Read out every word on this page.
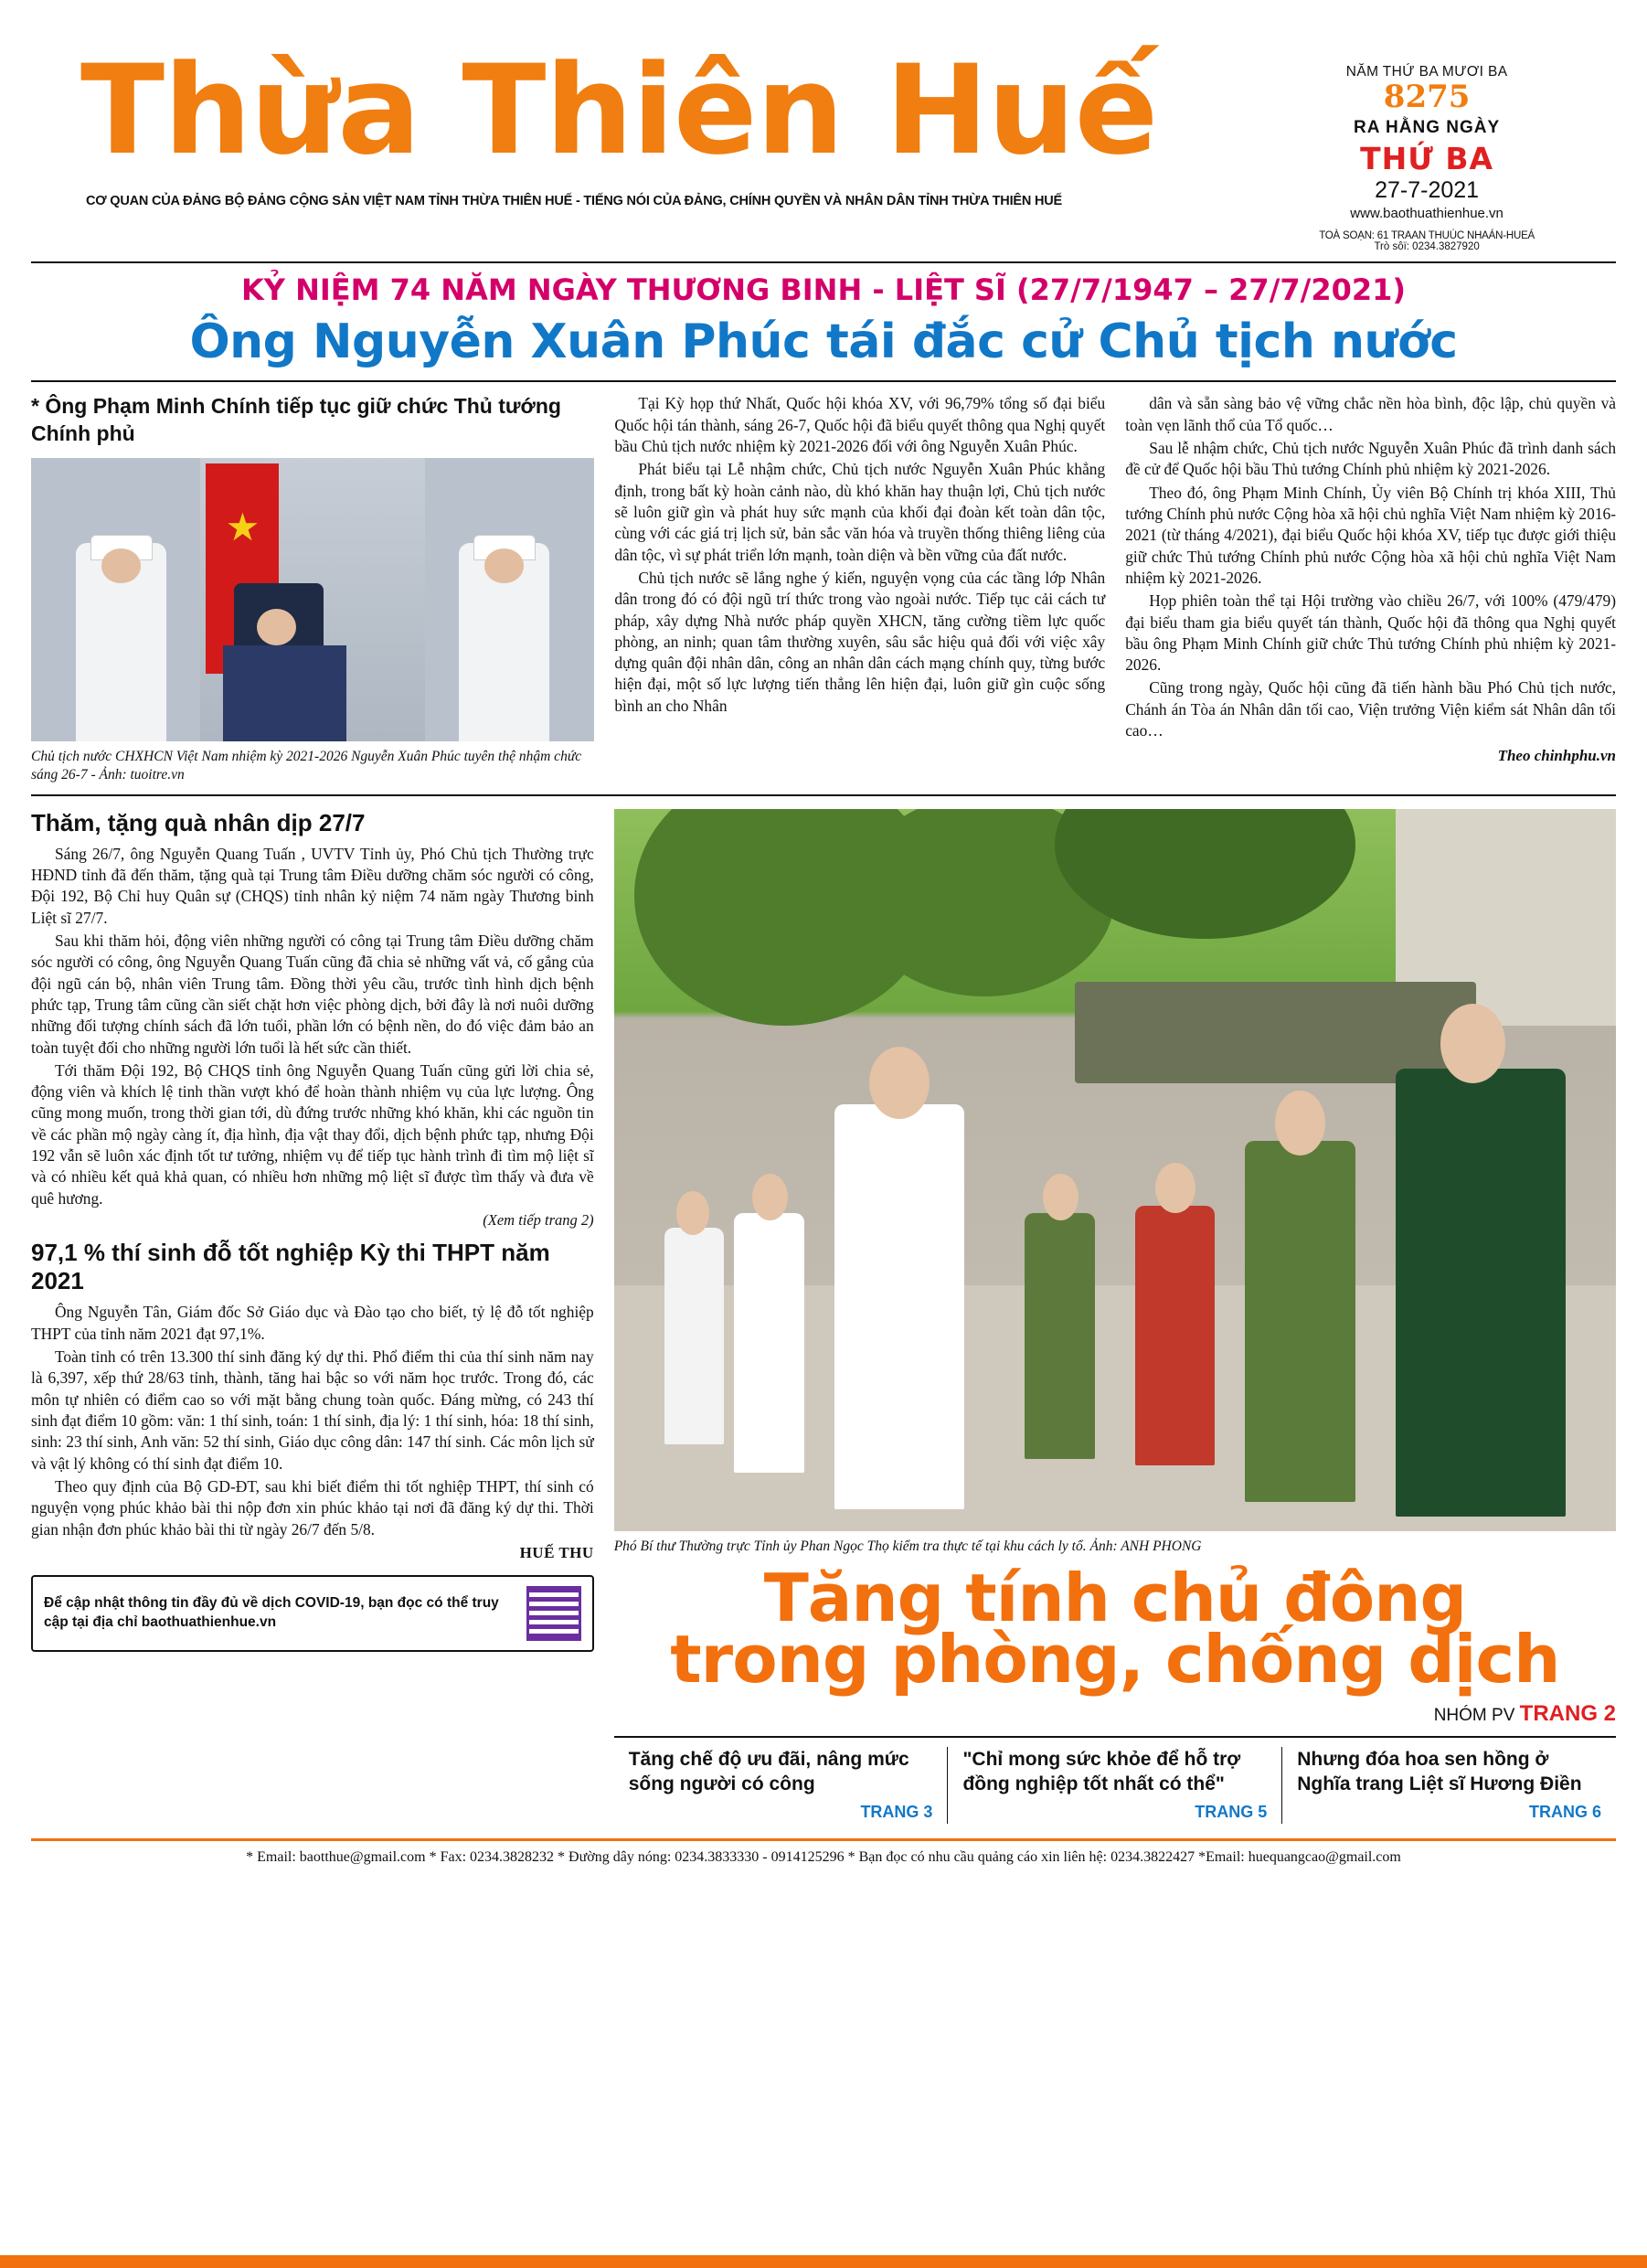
Thừa Thiên Huế
CƠ QUAN CỦA ĐẢNG BỘ ĐẢNG CỘNG SẢN VIỆT NAM TỈNH THỪA THIÊN HUẾ - TIẾNG NÓI CỦA ĐẢNG, CHÍNH QUYỀN VÀ NHÂN DÂN TỈNH THỪA THIÊN HUẾ
NĂM THỨ BA MƯƠI BA
8275
RA HẰNG NGÀY
THỨ BA
27-7-2021
www.baothuathienhue.vn
TOÀ SOẠN: 61 TRAAN THUÚC NHAÁN-HUEÁ
Trò sôï: 0234.3827920
KỶ NIỆM 74 NĂM NGÀY THƯƠNG BINH - LIỆT SĨ (27/7/1947 – 27/7/2021)
Ông Nguyễn Xuân Phúc tái đắc cử Chủ tịch nước
* Ông Phạm Minh Chính tiếp tục giữ chức Thủ tướng Chính phủ
★
Chủ tịch nước CHXHCN Việt Nam nhiệm kỳ 2021-2026 Nguyễn Xuân Phúc tuyên thệ nhậm chức sáng 26-7 - Ảnh: tuoitre.vn

Tại Kỳ họp thứ Nhất, Quốc hội khóa XV, với 96,79% tổng số đại biểu Quốc hội tán thành, sáng 26-7, Quốc hội đã biểu quyết thông qua Nghị quyết bầu Chủ tịch nước nhiệm kỳ 2021-2026 đối với ông Nguyễn Xuân Phúc.

Phát biểu tại Lễ nhậm chức, Chủ tịch nước Nguyễn Xuân Phúc khẳng định, trong bất kỳ hoàn cảnh nào, dù khó khăn hay thuận lợi, Chủ tịch nước sẽ luôn giữ gìn và phát huy sức mạnh của khối đại đoàn kết toàn dân tộc, cùng với các giá trị lịch sử, bản sắc văn hóa và truyền thống thiêng liêng của dân tộc, vì sự phát triển lớn mạnh, toàn diện và bền vững của đất nước.

Chủ tịch nước sẽ lắng nghe ý kiến, nguyện vọng của các tầng lớp Nhân dân trong đó có đội ngũ trí thức trong vào ngoài nước. Tiếp tục cải cách tư pháp, xây dựng Nhà nước pháp quyền XHCN, tăng cường tiềm lực quốc phòng, an ninh; quan tâm thường xuyên, sâu sắc hiệu quả đối với việc xây dựng quân đội nhân dân, công an nhân dân cách mạng chính quy, từng bước hiện đại, một số lực lượng tiến thẳng lên hiện đại, luôn giữ gìn cuộc sống bình an cho Nhân

dân và sẵn sàng bảo vệ vững chắc nền hòa bình, độc lập, chủ quyền và toàn vẹn lãnh thổ của Tổ quốc…

Sau lễ nhậm chức, Chủ tịch nước Nguyễn Xuân Phúc đã trình danh sách đề cử để Quốc hội bầu Thủ tướng Chính phủ nhiệm kỳ 2021-2026.

Theo đó, ông Phạm Minh Chính, Ủy viên Bộ Chính trị khóa XIII, Thủ tướng Chính phủ nước Cộng hòa xã hội chủ nghĩa Việt Nam nhiệm kỳ 2016-2021 (từ tháng 4/2021), đại biểu Quốc hội khóa XV, tiếp tục được giới thiệu giữ chức Thủ tướng Chính phủ nước Cộng hòa xã hội chủ nghĩa Việt Nam nhiệm kỳ 2021-2026.

Họp phiên toàn thể tại Hội trường vào chiều 26/7, với 100% (479/479) đại biểu tham gia biểu quyết tán thành, Quốc hội đã thông qua Nghị quyết bầu ông Phạm Minh Chính giữ chức Thủ tướng Chính phủ nhiệm kỳ 2021-2026.

Cũng trong ngày, Quốc hội cũng đã tiến hành bầu Phó Chủ tịch nước, Chánh án Tòa án Nhân dân tối cao, Viện trưởng Viện kiểm sát Nhân dân tối cao…

Theo chinhphu.vn
Thăm, tặng quà nhân dịp 27/7

Sáng 26/7, ông Nguyễn Quang Tuấn , UVTV Tỉnh ủy, Phó Chủ tịch Thường trực HĐND tỉnh đã đến thăm, tặng quà tại Trung tâm Điều dưỡng chăm sóc người có công, Đội 192, Bộ Chỉ huy Quân sự (CHQS) tỉnh nhân kỷ niệm 74 năm ngày Thương binh Liệt sĩ 27/7.

Sau khi thăm hỏi, động viên những người có công tại Trung tâm Điều dưỡng chăm sóc người có công, ông Nguyễn Quang Tuấn cũng đã chia sẻ những vất vả, cố gắng của đội ngũ cán bộ, nhân viên Trung tâm. Đồng thời yêu cầu, trước tình hình dịch bệnh phức tạp, Trung tâm cũng cần siết chặt hơn việc phòng dịch, bởi đây là nơi nuôi dưỡng những đối tượng chính sách đã lớn tuổi, phần lớn có bệnh nền, do đó việc đảm bảo an toàn tuyệt đối cho những người lớn tuổi là hết sức cần thiết.

Tới thăm Đội 192, Bộ CHQS tỉnh ông Nguyễn Quang Tuấn cũng gửi lời chia sẻ, động viên và khích lệ tinh thần vượt khó để hoàn thành nhiệm vụ của lực lượng. Ông cũng mong muốn, trong thời gian tới, dù đứng trước những khó khăn, khi các nguồn tin về các phần mộ ngày càng ít, địa hình, địa vật thay đổi, dịch bệnh phức tạp, nhưng Đội 192 vẫn sẽ luôn xác định tốt tư tưởng, nhiệm vụ để tiếp tục hành trình đi tìm mộ liệt sĩ và có nhiều kết quả khả quan, có nhiều hơn những mộ liệt sĩ được tìm thấy và đưa về quê hương.

(Xem tiếp trang 2)
97,1 % thí sinh đỗ tốt nghiệp Kỳ thi THPT năm 2021

Ông Nguyễn Tân, Giám đốc Sở Giáo dục và Đào tạo cho biết, tỷ lệ đỗ tốt nghiệp THPT của tỉnh năm 2021 đạt 97,1%.

Toàn tỉnh có trên 13.300 thí sinh đăng ký dự thi. Phổ điểm thi của thí sinh năm nay là 6,397, xếp thứ 28/63 tỉnh, thành, tăng hai bậc so với năm học trước. Trong đó, các môn tự nhiên có điểm cao so với mặt bằng chung toàn quốc. Đáng mừng, có 243 thí sinh đạt điểm 10 gồm: văn: 1 thí sinh, toán: 1 thí sinh, địa lý: 1 thí sinh, hóa: 18 thí sinh, sinh: 23 thí sinh, Anh văn: 52 thí sinh, Giáo dục công dân: 147 thí sinh. Các môn lịch sử và vật lý không có thí sinh đạt điểm 10.

Theo quy định của Bộ GD-ĐT, sau khi biết điểm thi tốt nghiệp THPT, thí sinh có nguyện vọng phúc khảo bài thi nộp đơn xin phúc khảo tại nơi đã đăng ký dự thi. Thời gian nhận đơn phúc khảo bài thi từ ngày 26/7 đến 5/8.

HUẾ THU
Để cập nhật thông tin đầy đủ về dịch COVID-19, bạn đọc có thể truy cập tại địa chỉ baothuathienhue.vn
Phó Bí thư Thường trực Tỉnh ủy Phan Ngọc Thọ kiểm tra thực tế tại khu cách ly tổ. Ảnh: ANH PHONG
Tăng tính chủ đông
trong phòng, chống dịch
NHÓM PV TRANG 2
Tăng chế độ ưu đãi, nâng mức sống người có công
TRANG 3
"Chỉ mong sức khỏe để hỗ trợ đồng nghiệp tốt nhất có thể"
TRANG 5
Nhưng đóa hoa sen hồng ở Nghĩa trang Liệt sĩ Hương Điền
TRANG 6
* Email: baotthue@gmail.com * Fax: 0234.3828232 * Đường dây nóng: 0234.3833330 - 0914125296 * Bạn đọc có nhu cầu quảng cáo xin liên hệ: 0234.3822427 *Email: huequangcao@gmail.com
